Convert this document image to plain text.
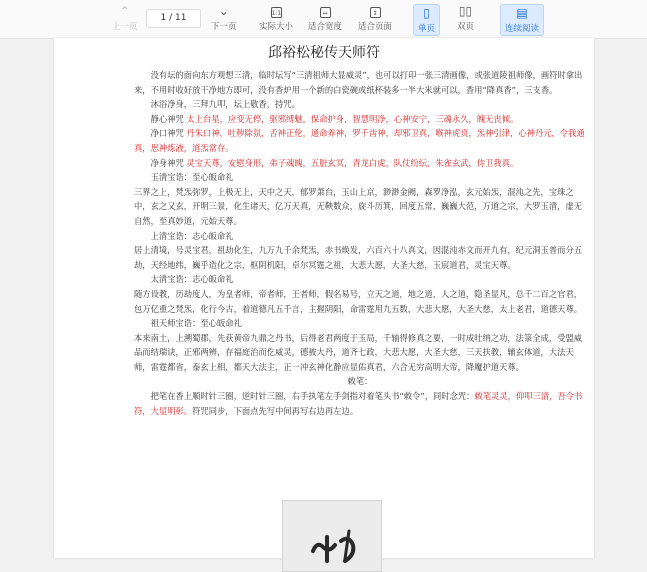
⌃
上一页
1 / 11	⌄
下一页
1:1
实际大小
↔
适合宽度
↕
适合页面
▯
单页
▯▯
双页
▤
连续阅读
邱裕松秘传天师符

没有坛的面向东方观想三清，临时坛写“三清祖师大显威灵”，也可以打印一张三清画像，或张道陵祖师像，画符时拿出来，不用时收好放干净地方即可，没有香炉用一个新的白瓷碗或纸杯装多一半大米就可以，香用“降真香”，三支香。

沐浴净身，三拜九叩，坛上敬香，持咒。

静心神咒 太上台星，应变无停，驱邪缚魅，保命护身，智慧明净，心神安宁，三魂永久，魄无丧倾。

净口神咒 丹朱口神，吐秽除氛，舌神正伦，通命养神，罗千齿神，却邪卫真，喉神虎贲，炁神引津，心神丹元，令我通真，思神炼液，道炁常存。

净身神咒 灵宝天尊，安慰身形，弟子魂魄，五脏玄冥，青龙白虎，队仗纷纭，朱雀玄武，侍卫我真。

玉清宝诰：至心皈命礼

三界之上，梵炁弥罗，上极无上，天中之天，郁罗萧台，玉山上京，渺渺金阙，森罗净泓，玄元始炁，混沌之先，宝珠之中，玄之又玄，开明三景，化生诸天，亿万天真，无鞅数众，旋斗历箕，回度五常，巍巍大范，万道之宗，大罗玉清，虚无自然，至真妙道，元始天尊。

上清宝诰：志心皈命礼

居上清境，号灵宝君，祖劫化生，九万九千余梵炁，赤书焕发，六百六十八真文，因混沌赤文而开九有，纪元洞玉普而分五劫，天经地纬，巍乎造化之宗，枢阴机阳，卓尔冥霆之祖，大悲大愿，大圣大慈，玉宸道君，灵宝天尊。

太清宝诰：志心皈命礼

随方设教，历劫度人，为皇者师，帝者师，王者师，假名易号，立天之道，地之道，人之道，隐圣显凡，总千二百之官君，包万亿重之梵炁，化行今古，着道德凡五千言，主握阴阳，命雷霆用九五数，大悲大愿，大圣大慈，太上老君，道德天尊。

祖天师宝诰：至心皈命礼

本来南土，上溯蜀郡，先获黄帝九鼎之丹书，后得老君两度于玉局，千轴得修真之要，一时成吐纳之功，法箓全成，受盟威品而结瑞诀，正邪两辨，存福庭治而仡威灵，德被大丹，道齐七政，大悲大愿，大圣大慈，三天扶教，辅玄体道，大法天师，雷霆都省，泰玄上相，都天大法主，正一冲玄神化静应显佑真君，六合无穷高明大帝，降魔护道天尊。

敕笔：

把笔在香上顺时针三圈，逆时针三圈，右手执笔左手剑指对着笔头书“敕令”，同时念咒：敕笔灵灵，仰叩三清，吾令书符，大显明彰。符咒同步，下面点先写中间再写右边再左边。
